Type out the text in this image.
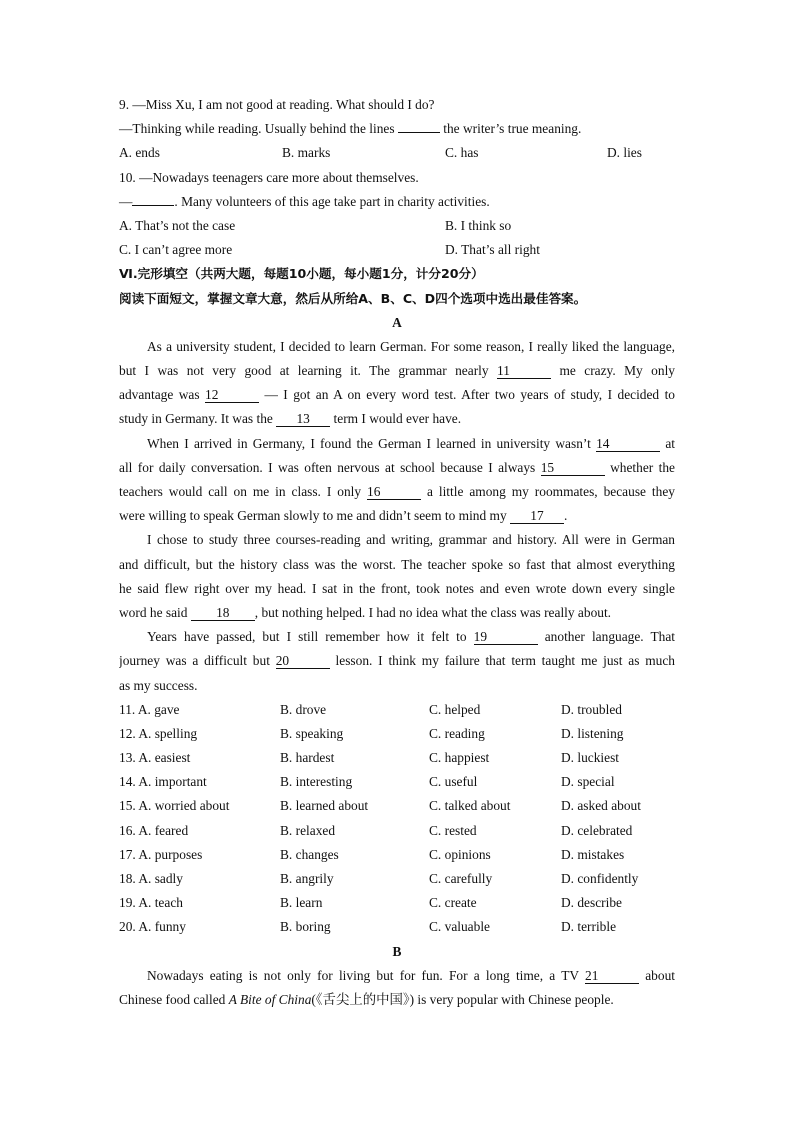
9. —Miss Xu, I am not good at reading. What should I do?
—Thinking while reading. Usually behind the lines	the writer’s true meaning.
A. ends	B. marks	C. has	D. lies
10. —Nowadays teenagers care more about themselves.
—	. Many volunteers of this age take part in charity activities.
A. That’s not the case	B. I think so
C. I can’t agree more	D. That’s all right
Ⅵ.完形填空（共两大题，每题10小题，每小题1分，计分20分）
阅读下面短文，掌握文章大意，然后从所给A、B、C、D四个选项中选出最佳答案。
A
As a university student, I decided to learn German. For some reason, I really liked the language,
but I was not very good at learning it. The grammar nearly 11	me crazy. My only
advantage was 12	— I got an A on every word test. After two years of study, I decided to
study in Germany. It was the 13 term I would ever have.
When I arrived in Germany, I found the German I learned in university wasn’t 14	at
all for daily conversation. I was often nervous at school because I always 15	whether the
teachers would call on me in class. I only 16	a little among my roommates, because they
were willing to speak German slowly to me and didn’t seem to mind my 17 .
I chose to study three courses-reading and writing, grammar and history. All were in German
and difficult, but the history class was the worst. The teacher spoke so fast that almost everything
he said flew right over my head. I sat in the front, took notes and even wrote down every single
word he said 18 , but nothing helped. I had no idea what the class was really about.
Years have passed, but I still remember how it felt to 19	another language. That
journey was a difficult but 20	lesson. I think my failure that term taught me just as much
as my success.
11. A. gave	B. drove	C. helped	D. troubled
12. A. spelling	B. speaking	C. reading	D. listening
13. A. easiest	B. hardest	C. happiest	D. luckiest
14. A. important	B. interesting	C. useful	D. special
15. A. worried about	B. learned about	C. talked about	D. asked about
16. A. feared	B. relaxed	C. rested	D. celebrated
17. A. purposes	B. changes	C. opinions	D. mistakes
18. A. sadly	B. angrily	C. carefully	D. confidently
19. A. teach	B. learn	C. create	D. describe
20. A. funny	B. boring	C. valuable	D. terrible
B
Nowadays eating is not only for living but for fun. For a long time, a TV 21	about
Chinese food called A Bite of China(《舌尖上的中国》) is very popular with Chinese people.
